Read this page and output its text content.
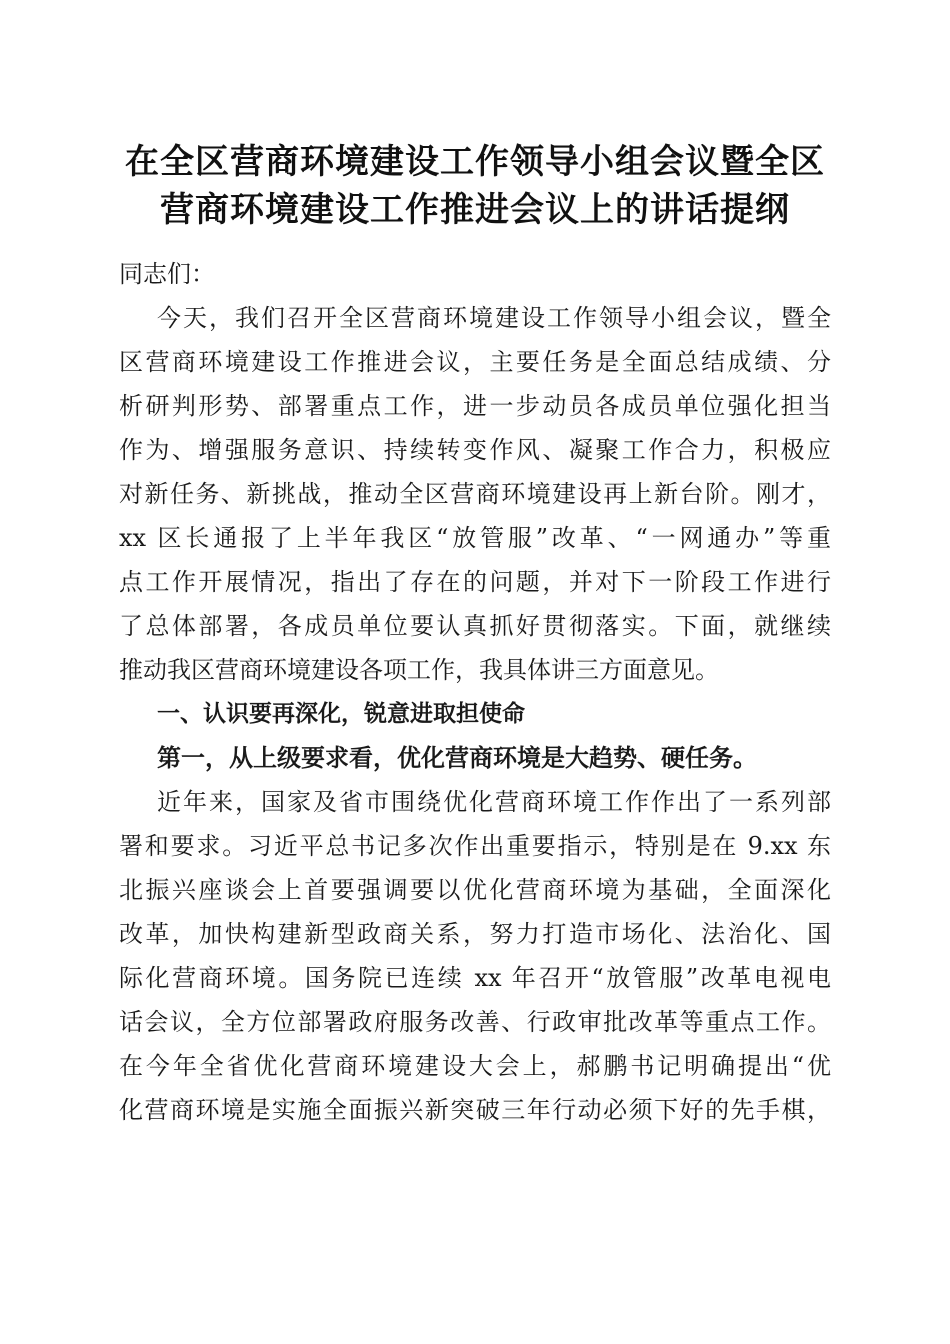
在全区营商环境建设工作领导小组会议暨全区
营商环境建设工作推进会议上的讲话提纲
同志们：
今天，我们召开全区营商环境建设工作领导小组会议，暨全
区营商环境建设工作推进会议，主要任务是全面总结成绩、分
析研判形势、部署重点工作，进一步动员各成员单位强化担当
作为、增强服务意识、持续转变作风、凝聚工作合力，积极应
对新任务、新挑战，推动全区营商环境建设再上新台阶。刚才，
xx 区长通报了上半年我区“放管服”改革、“一网通办”等重
点工作开展情况，指出了存在的问题，并对下一阶段工作进行
了总体部署，各成员单位要认真抓好贯彻落实。下面，就继续
推动我区营商环境建设各项工作，我具体讲三方面意见。
一、认识要再深化，锐意进取担使命
第一，从上级要求看，优化营商环境是大趋势、硬任务。
近年来，国家及省市围绕优化营商环境工作作出了一系列部
署和要求。习近平总书记多次作出重要指示，特别是在 9.xx 东
北振兴座谈会上首要强调要以优化营商环境为基础，全面深化
改革，加快构建新型政商关系，努力打造市场化、法治化、国
际化营商环境。国务院已连续 xx 年召开“放管服”改革电视电
话会议，全方位部署政府服务改善、行政审批改革等重点工作。
在今年全省优化营商环境建设大会上，郝鹏书记明确提出“优
化营商环境是实施全面振兴新突破三年行动必须下好的先手棋，
